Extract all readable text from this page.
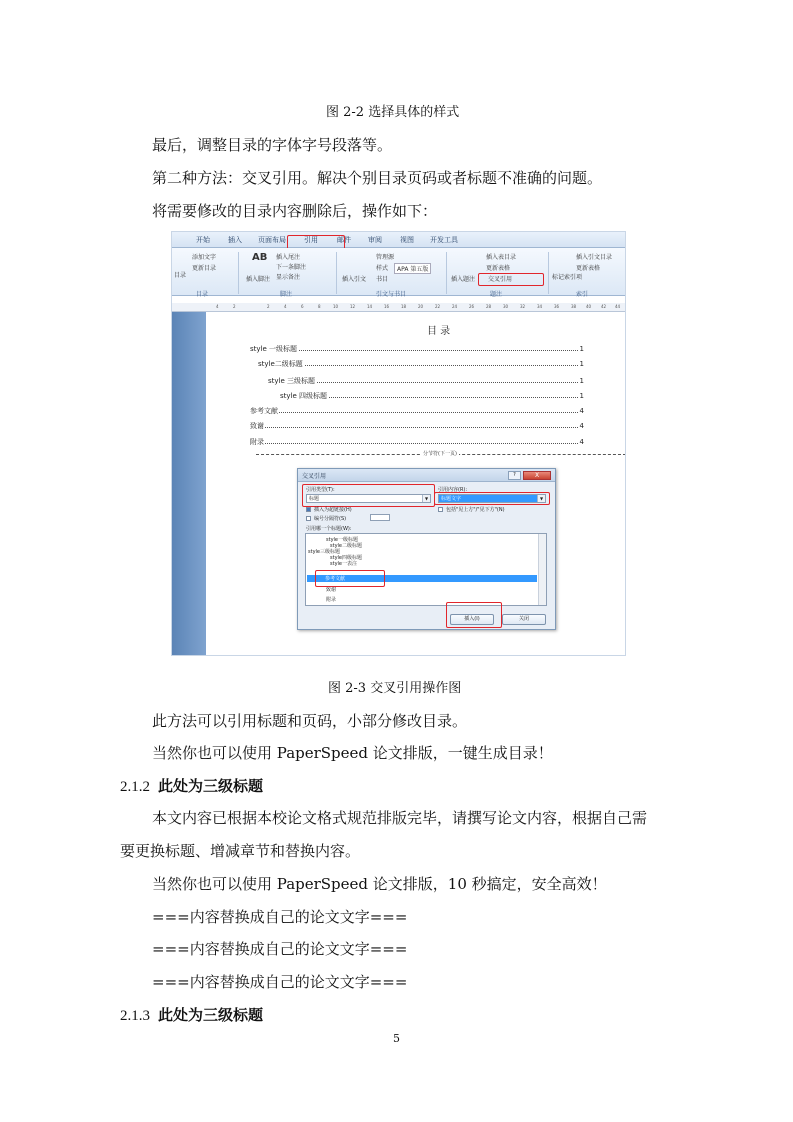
图 2-2 选择具体的样式
最后，调整目录的字体字号段落等。
第二种方法：交叉引用。解决个别目录页码或者标题不准确的问题。
将需要修改的目录内容删除后，操作如下：
开始	插入 页面布局	引用	邮件 审阅	视图 开发工具
目录
添加文字
更新目录
AB
插入脚注
插入尾注
下一条脚注
显示备注	插入引文
管理源
样式	APA 第五版
书目	插入题注
插入表目录
更新表格
交叉引用	标记索引项
插入引文目录
更新表格
目录	脚注	引文与书目	题注	索引
4	2	2	4	6	8	10	12	14	16	18	20	22	24	26	28	30	32	34	36	38 40 42 44
目 录
style 一级标题	1
style二级标题	1
style 三级标题	1
style 四级标题	1
参考文献	4
致谢	4
附录	4
分节符(下一页)
交叉引用	?	X
引用类型(T):
标题	▼
引用内容(R):
标题文字	▼
插入为超链接(H)	包括"见上方"/"见下方"(N)
编号分隔符(S)
引用哪一个标题(W):
style一级标题
style二级标题
style三级标题
style四级标题
style一表注
参考文献
致谢
附录
插入(I)	关闭
图 2-3 交叉引用操作图
此方法可以引用标题和页码，小部分修改目录。
当然你也可以使用 PaperSpeed 论文排版，一键生成目录！
2.1.2 此处为三级标题
本文内容已根据本校论文格式规范排版完毕，请撰写论文内容，根据自己需
要更换标题、增减章节和替换内容。
当然你也可以使用 PaperSpeed 论文排版，10 秒搞定，安全高效！
===内容替换成自己的论文文字===
===内容替换成自己的论文文字===
===内容替换成自己的论文文字===
2.1.3 此处为三级标题
5
